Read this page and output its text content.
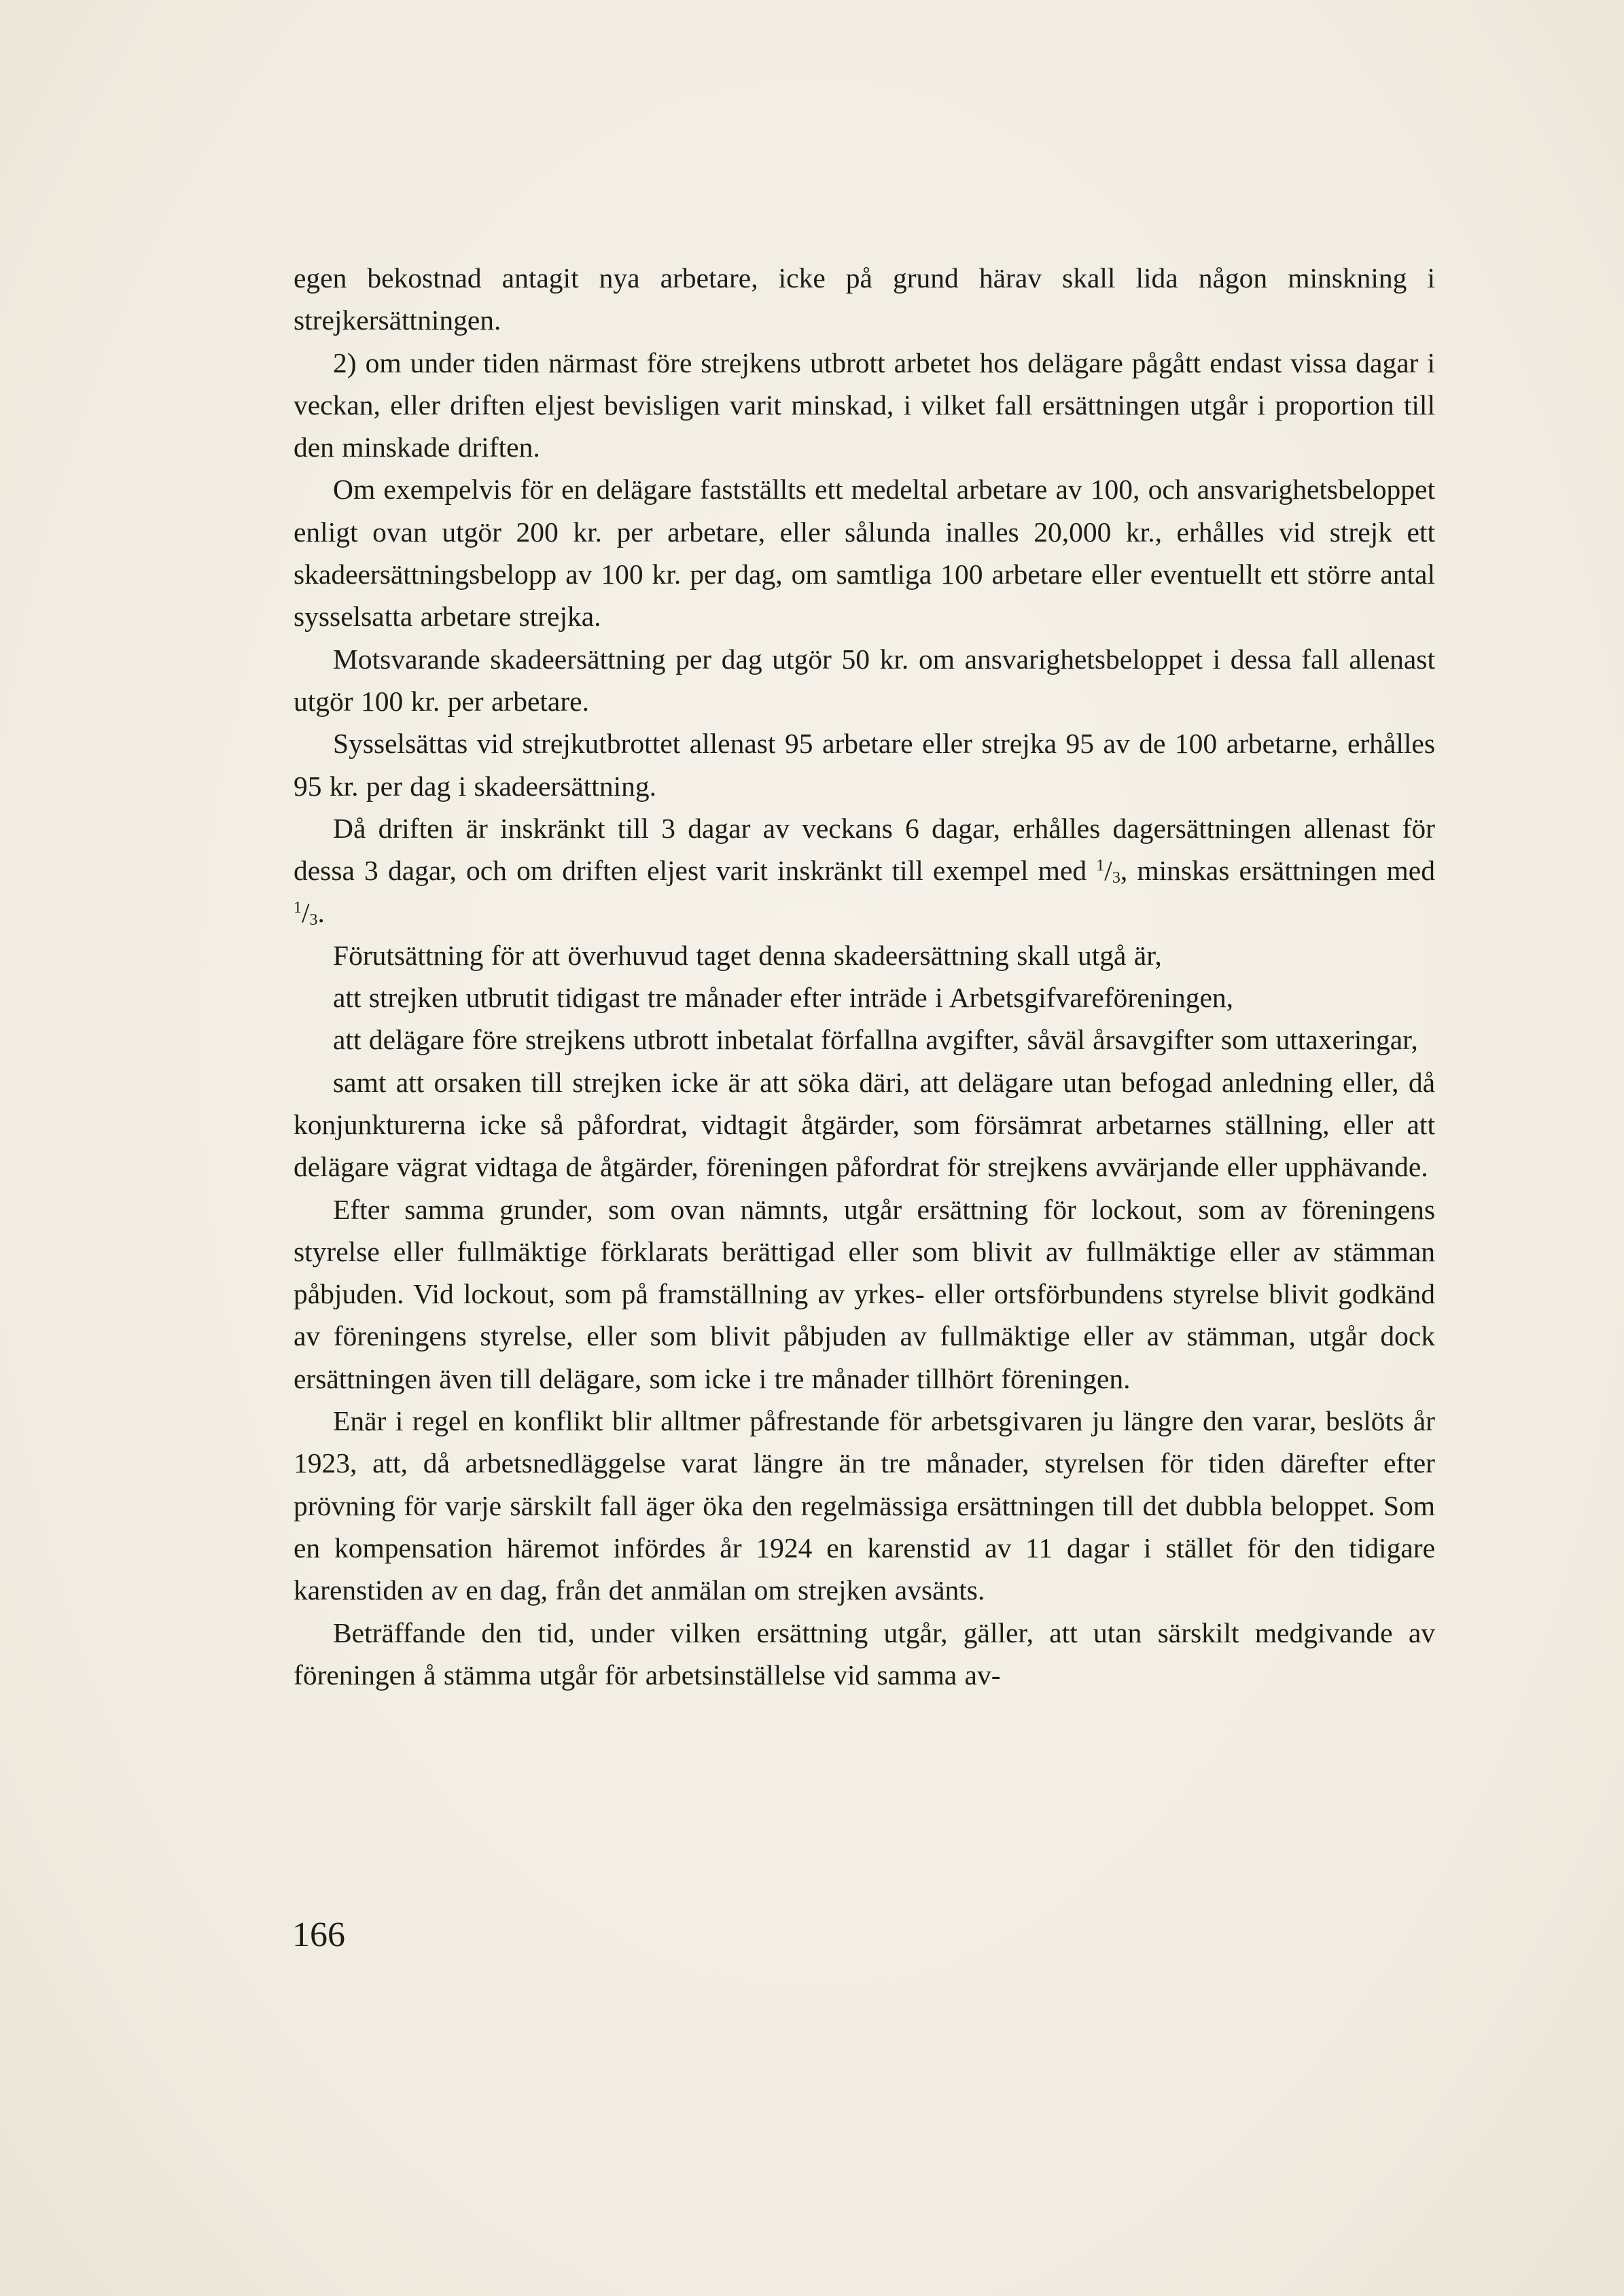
egen bekostnad antagit nya arbetare, icke på grund härav skall lida någon minskning i strejkersättningen.

2) om under tiden närmast före strejkens utbrott arbetet hos delägare pågått endast vissa dagar i veckan, eller driften eljest bevisligen varit minskad, i vilket fall ersättningen utgår i proportion till den minskade driften.

Om exempelvis för en delägare fastställts ett medeltal arbetare av 100, och ansvarighetsbeloppet enligt ovan utgör 200 kr. per arbetare, eller sålunda inalles 20,000 kr., erhålles vid strejk ett skadeersättningsbelopp av 100 kr. per dag, om samtliga 100 arbetare eller eventuellt ett större antal sysselsatta arbetare strejka.

Motsvarande skadeersättning per dag utgör 50 kr. om ansvarighetsbeloppet i dessa fall allenast utgör 100 kr. per arbetare.

Sysselsättas vid strejkutbrottet allenast 95 arbetare eller strejka 95 av de 100 arbetarne, erhålles 95 kr. per dag i skadeersättning.

Då driften är inskränkt till 3 dagar av veckans 6 dagar, erhålles dagersättningen allenast för dessa 3 dagar, och om driften eljest varit inskränkt till exempel med $^1/_3$, minskas ersättningen med $^1/_3$.

Förutsättning för att överhuvud taget denna skadeersättning skall utgå är,

att strejken utbrutit tidigast tre månader efter inträde i Arbetsgifvareföreningen,

att delägare före strejkens utbrott inbetalat förfallna avgifter, såväl årsavgifter som uttaxeringar,

samt att orsaken till strejken icke är att söka däri, att delägare utan befogad anledning eller, då konjunkturerna icke så påfordrat, vidtagit åtgärder, som försämrat arbetarnes ställning, eller att delägare vägrat vidtaga de åtgärder, föreningen påfordrat för strejkens avvärjande eller upphävande.

Efter samma grunder, som ovan nämnts, utgår ersättning för lockout, som av föreningens styrelse eller fullmäktige förklarats berättigad eller som blivit av fullmäktige eller av stämman påbjuden. Vid lockout, som på framställning av yrkes- eller ortsförbundens styrelse blivit godkänd av föreningens styrelse, eller som blivit påbjuden av fullmäktige eller av stämman, utgår dock ersättningen även till delägare, som icke i tre månader tillhört föreningen.

Enär i regel en konflikt blir alltmer påfrestande för arbetsgivaren ju längre den varar, beslöts år 1923, att, då arbetsnedläggelse varat längre än tre månader, styrelsen för tiden därefter efter prövning för varje särskilt fall äger öka den regelmässiga ersättningen till det dubbla beloppet. Som en kompensation häremot infördes år 1924 en karenstid av 11 dagar i stället för den tidigare karenstiden av en dag, från det anmälan om strejken avsänts.

Beträffande den tid, under vilken ersättning utgår, gäller, att utan särskilt medgivande av föreningen å stämma utgår för arbetsinställelse vid samma av-

166
